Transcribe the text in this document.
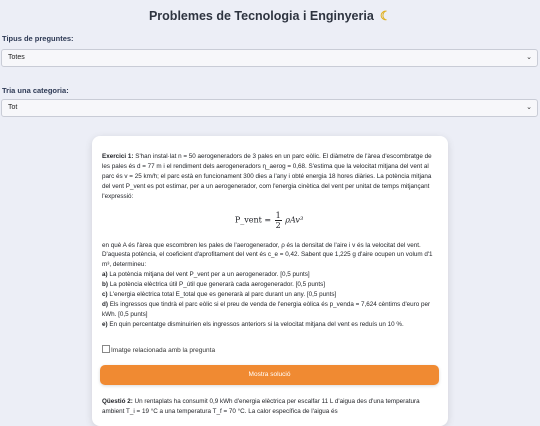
Problemes de Tecnologia i Enginyeria ☾
Tipus de preguntes:
Totes	⌄
Tria una categoria:
Tot	⌄

Exercici 1: S'han instal·lat n = 50 aerogeneradors de 3 pales en un parc eòlic. El diàmetre de l'àrea d'escombratge de les pales és d = 77 m i el rendiment dels aerogeneradors η_aerog = 0,68. S'estima que la velocitat mitjana del vent al parc és v = 25 km/h; el parc està en funcionament 300 dies a l'any i obté energia 18 hores diàries. La potència mitjana del vent P_vent es pot estimar, per a un aerogenerador, com l'energia cinètica del vent per unitat de temps mitjançant l'expressió:

P_vent = $\frac{1}{2} \rho Av^3$

en què A és l'àrea que escombren les pales de l'aerogenerador, ρ és la densitat de l'aire i v és la velocitat del vent. D'aquesta potència, el coeficient d'aprofitament del vent és c_e = 0,42. Sabent que 1,225 g d'aire ocupen un volum d'1 m³, determineu:

a) La potència mitjana del vent P_vent per a un aerogenerador. [0,5 punts]

b) La potència elèctrica útil P_útil que generarà cada aerogenerador. [0,5 punts]

c) L'energia elèctrica total E_total que es generarà al parc durant un any. [0,5 punts]

d) Els ingressos que tindrà el parc eòlic si el preu de venda de l'energia eòlica és p_venda = 7,624 cèntims d'euro per kWh. [0,5 punts]

e) En quin percentatge disminuirien els ingressos anteriors si la velocitat mitjana del vent es reduís un 10 %.

Imatge relacionada amb la pregunta
Mostra solució

Qüestió 2: Un rentaplats ha consumit 0,9 kWh d'energia elèctrica per escalfar 11 L d'aigua des d'una temperatura ambient T_i = 19 °C a una temperatura T_f = 70 °C. La calor específica de l'aigua és
